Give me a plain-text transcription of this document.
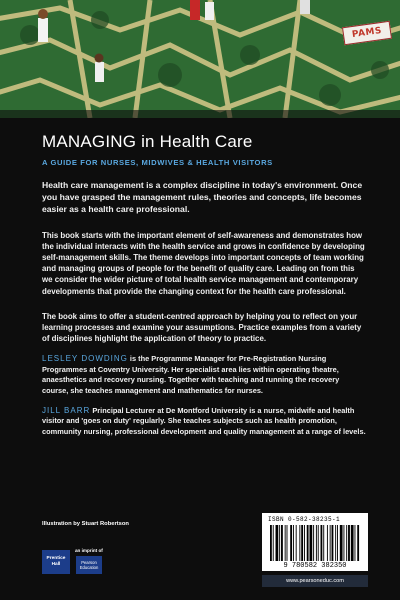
PAMS
MANAGING in Health Care
A GUIDE FOR NURSES, MIDWIVES & HEALTH VISITORS

Health care management is a complex discipline in today's environment. Once you have grasped the management rules, theories and concepts, life becomes easier as a health care professional.

This book starts with the important element of self-awareness and demonstrates how the individual interacts with the health service and grows in confidence by developing self-management skills. The theme develops into important concepts of team working and managing groups of people for the benefit of quality care. Leading on from this we consider the wider picture of total health service management and contemporary developments that provide the changing context for the health care professional.

The book aims to offer a student-centred approach by helping you to reflect on your learning processes and examine your assumptions. Practice examples from a variety of disciplines highlight the application of theory to practice.

LESLEY DOWDING is the Programme Manager for Pre-Registration Nursing Programmes at Coventry University. Her specialist area lies within operating theatre, anaesthetics and recovery nursing. Together with teaching and running the recovery course, she teaches management and mathematics for nurses.

JILL BARR Principal Lecturer at De Montford University is a nurse, midwife and health visitor and 'goes on duty' regularly. She teaches subjects such as health promotion, community nursing, professional development and quality management at a range of levels.

Illustration by Stuart Robertson
Prentice Hall
an imprint of
Pearson Education
ISBN 0-582-38235-1
9 780582 382350
www.pearsoneduc.com
